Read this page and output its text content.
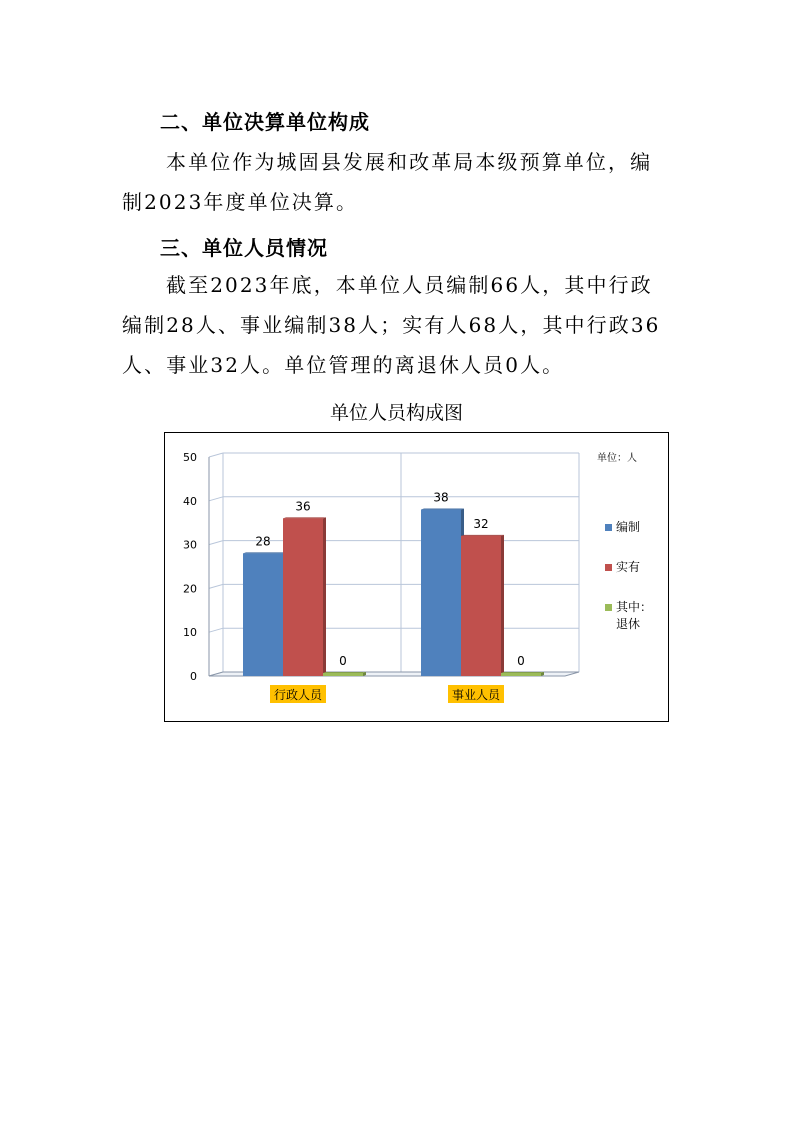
二、单位决算单位构成
本单位作为城固县发展和改革局本级预算单位，编制2023年度单位决算。
三、单位人员情况
截至2023年底，本单位人员编制66人，其中行政编制28人、事业编制38人；实有人68人，其中行政36人、事业32人。单位管理的离退休人员0人。
单位人员构成图
0
10
20
30
40
50
28
36
0
行政人员
38
32
0
事业人员
单位：人
编制
实有
其中：
退休
